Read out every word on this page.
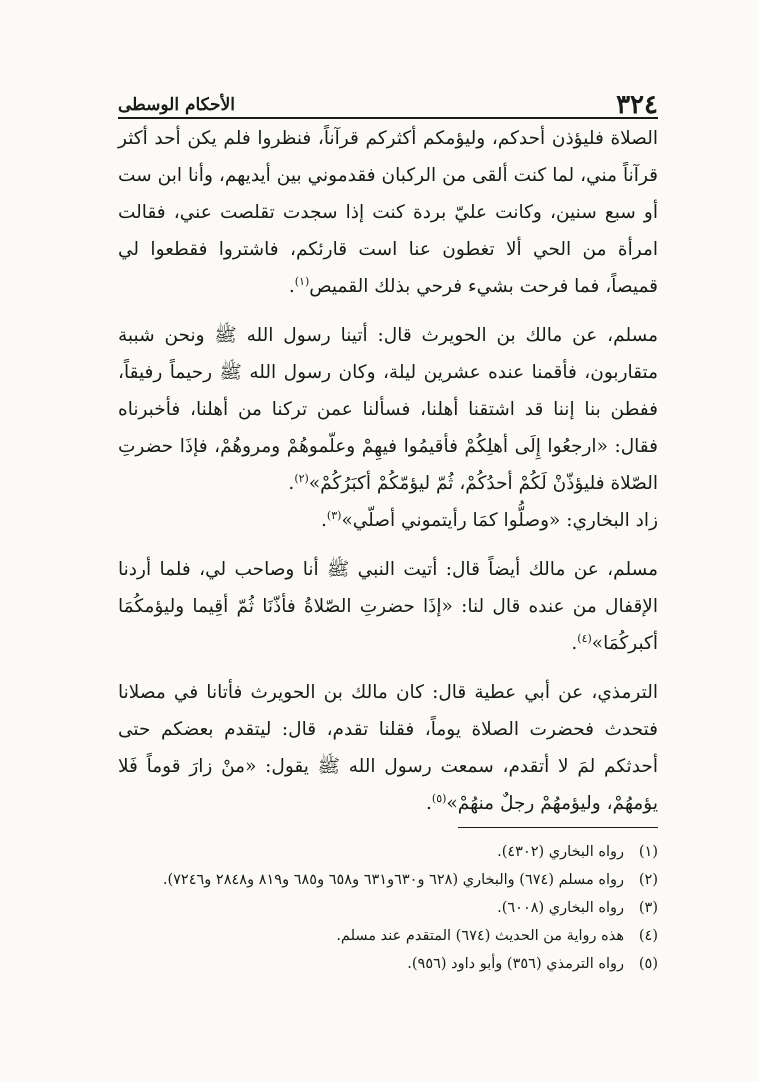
٣٢٤
الأحكام الوسطى

الصلاة فليؤذن أحدكم، وليؤمكم أكثركم قرآناً، فنظروا فلم يكن أحد أكثر قرآناً مني، لما كنت ألقى من الركبان فقدموني بين أيديهم، وأنا ابن ست أو سبع سنين، وكانت عليّ بردة كنت إذا سجدت تقلصت عني، فقالت امرأة من الحي ألا تغطون عنا است قارئكم، فاشتروا فقطعوا لي قميصاً، فما فرحت بشيء فرحي بذلك القميص$^{(١)}$.

مسلم، عن مالك بن الحويرث قال: أتينا رسول الله ﷺ ونحن شببة متقاربون، فأقمنا عنده عشرين ليلة، وكان رسول الله ﷺ رحيماً رفيقاً، ففطن بنا إننا قد اشتقنا أهلنا، فسألنا عمن تركنا من أهلنا، فأخبرناه فقال: «ارجعُوا إِلَى أهلِكُمْ فأقيمُوا فيهِمْ وعلّموهُمْ ومروهُمْ، فإذَا حضرتِ الصّلاة فليؤذّنْ لَكُمْ أحدُكُمْ، ثُمّ ليؤمّكُمْ أكبَرُكُمْ»$^{(٢)}$.

زاد البخاري: «وصلُّوا كمَا رأيتموني أصلّي»$^{(٣)}$.

مسلم، عن مالك أيضاً قال: أتيت النبي ﷺ أنا وصاحب لي، فلما أردنا الإقفال من عنده قال لنا: «إذَا حضرتِ الصّلاةُ فأذّنَا ثُمّ أقِيما وليؤمكُمَا أكبركُمَا»$^{(٤)}$.

الترمذي، عن أبي عطية قال: كان مالك بن الحويرث فأتانا في مصلانا فتحدث فحضرت الصلاة يوماً، فقلنا تقدم، قال: ليتقدم بعضكم حتى أحدثكم لمَ لا أتقدم، سمعت رسول الله ﷺ يقول: «منْ زارَ قوماً فَلا يؤمهُمْ، وليؤمهُمْ رجلٌ منهُمْ»$^{(٥)}$.

(١)
رواه البخاري (٤٣٠٢).
(٢)
رواه مسلم (٦٧٤) والبخاري (٦٢٨ و٦٣٠و٦٣١ و٦٥٨ و٦٨٥ و٨١٩ و٢٨٤٨ و٧٢٤٦).
(٣)
رواه البخاري (٦٠٠٨).
(٤)
هذه رواية من الحديث (٦٧٤) المتقدم عند مسلم.
(٥)
رواه الترمذي (٣٥٦) وأبو داود (٩٥٦).
